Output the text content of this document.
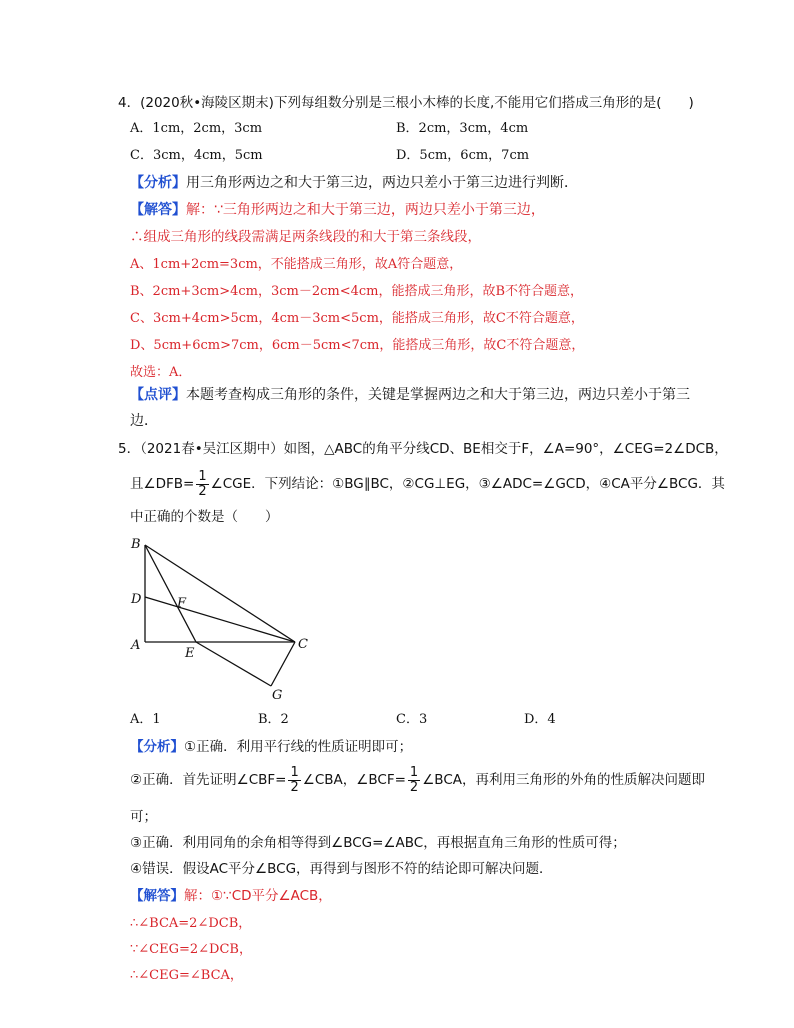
4．(2020秋•海陵区期末)下列每组数分别是三根小木棒的长度,不能用它们搭成三角形的是(　　)
A．1cm，2cm，3cm	B．2cm，3cm，4cm
C．3cm，4cm，5cm	D．5cm，6cm，7cm
【分析】用三角形两边之和大于第三边，两边只差小于第三边进行判断．
【解答】解：∵三角形两边之和大于第三边，两边只差小于第三边，
∴组成三角形的线段需满足两条线段的和大于第三条线段，
A、1cm+2cm=3cm，不能搭成三角形，故A符合题意，
B、2cm+3cm>4cm，3cm－2cm<4cm，能搭成三角形，故B不符合题意，
C、3cm+4cm>5cm，4cm－3cm<5cm，能搭成三角形，故C不符合题意，
D、5cm+6cm>7cm，6cm－5cm<7cm，能搭成三角形，故C不符合题意，
故选：A．
【点评】本题考查构成三角形的条件，关键是掌握两边之和大于第三边，两边只差小于第三
边．
5．（2021春•吴江区期中）如图，△ABC的角平分线CD、BE相交于F，∠A=90°，∠CEG=2∠DCB，
且∠DFB= $\frac{1}{2}$ ∠CGE．下列结论：①BG∥BC，②CG⊥EG，③∠ADC=∠GCD，④CA平分∠BCG．其
中正确的个数是（　　）
B
D	F
A
E
C
G
A．1	B．2	C．3	D．4
【分析】①正确．利用平行线的性质证明即可；
②正确．首先证明∠CBF= $\frac{1}{2}$ ∠CBA，∠BCF= $\frac{1}{2}$ ∠BCA，再利用三角形的外角的性质解决问题即
可；
③正确．利用同角的余角相等得到∠BCG=∠ABC，再根据直角三角形的性质可得；
④错误．假设AC平分∠BCG，再得到与图形不符的结论即可解决问题．
【解答】解：①∵CD平分∠ACB，
∴∠BCA=2∠DCB，
∵∠CEG=2∠DCB，
∴∠CEG=∠BCA，
